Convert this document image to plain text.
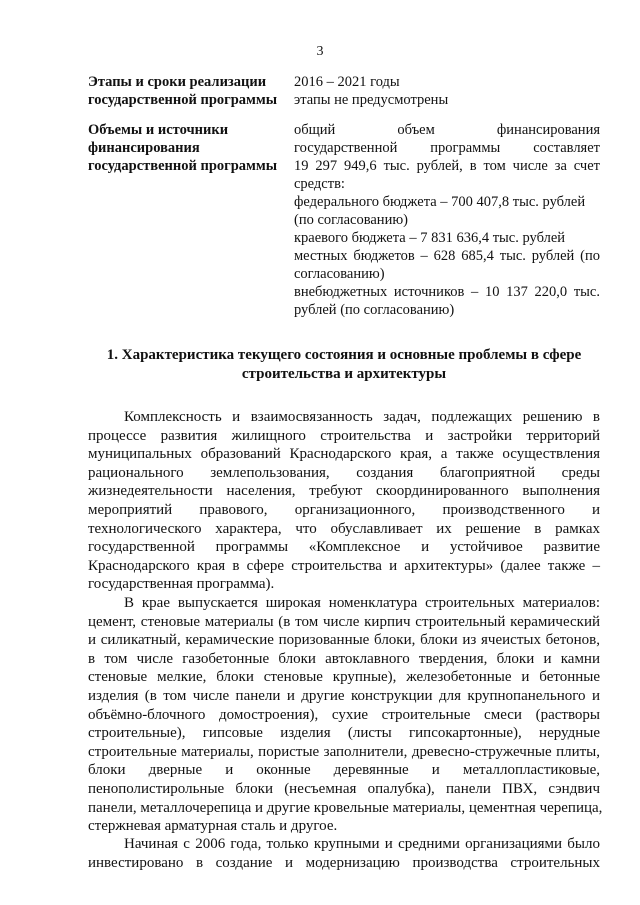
3
Этапы и сроки реализации
государственной программы
2016 – 2021 годы
этапы не предусмотрены
Объемы и источники
финансирования
государственной программы
общий объем финансирования
государственной программы составляет
19 297 949,6 тыс. рублей, в том числе за счет
средств:
федерального бюджета – 700 407,8 тыс. рублей
(по согласованию)
краевого бюджета – 7 831 636,4 тыс. рублей
местных бюджетов – 628 685,4 тыс. рублей (по
согласованию)
внебюджетных источников – 10 137 220,0 тыс.
рублей (по согласованию)
1. Характеристика текущего состояния и основные проблемы в сфере
строительства и архитектуры
Комплексность и взаимосвязанность задач, подлежащих решению в
процессе развития жилищного строительства и застройки территорий
муниципальных образований Краснодарского края, а также осуществления
рационального землепользования, создания благоприятной среды
жизнедеятельности населения, требуют скоординированного выполнения
мероприятий правового, организационного, производственного и
технологического характера, что обуславливает их решение в рамках
государственной программы «Комплексное и устойчивое развитие
Краснодарского края в сфере строительства и архитектуры» (далее также –
государственная программа).
В крае выпускается широкая номенклатура строительных материалов:
цемент, стеновые материалы (в том числе кирпич строительный керамический
и силикатный, керамические поризованные блоки, блоки из ячеистых бетонов,
в том числе газобетонные блоки автоклавного твердения, блоки и камни
стеновые мелкие, блоки стеновые крупные), железобетонные и бетонные
изделия (в том числе панели и другие конструкции для крупнопанельного и
объёмно-блочного домостроения), сухие строительные смеси (растворы
строительные), гипсовые изделия (листы гипсокартонные), нерудные
строительные материалы, пористые заполнители, древесно-стружечные плиты,
блоки дверные и оконные деревянные и металлопластиковые,
пенополистирольные блоки (несъемная опалубка), панели ПВХ, сэндвич
панели, металлочерепица и другие кровельные материалы, цементная черепица,
стержневая арматурная сталь и другое.
Начиная с 2006 года, только крупными и средними организациями было
инвестировано в создание и модернизацию производства строительных
